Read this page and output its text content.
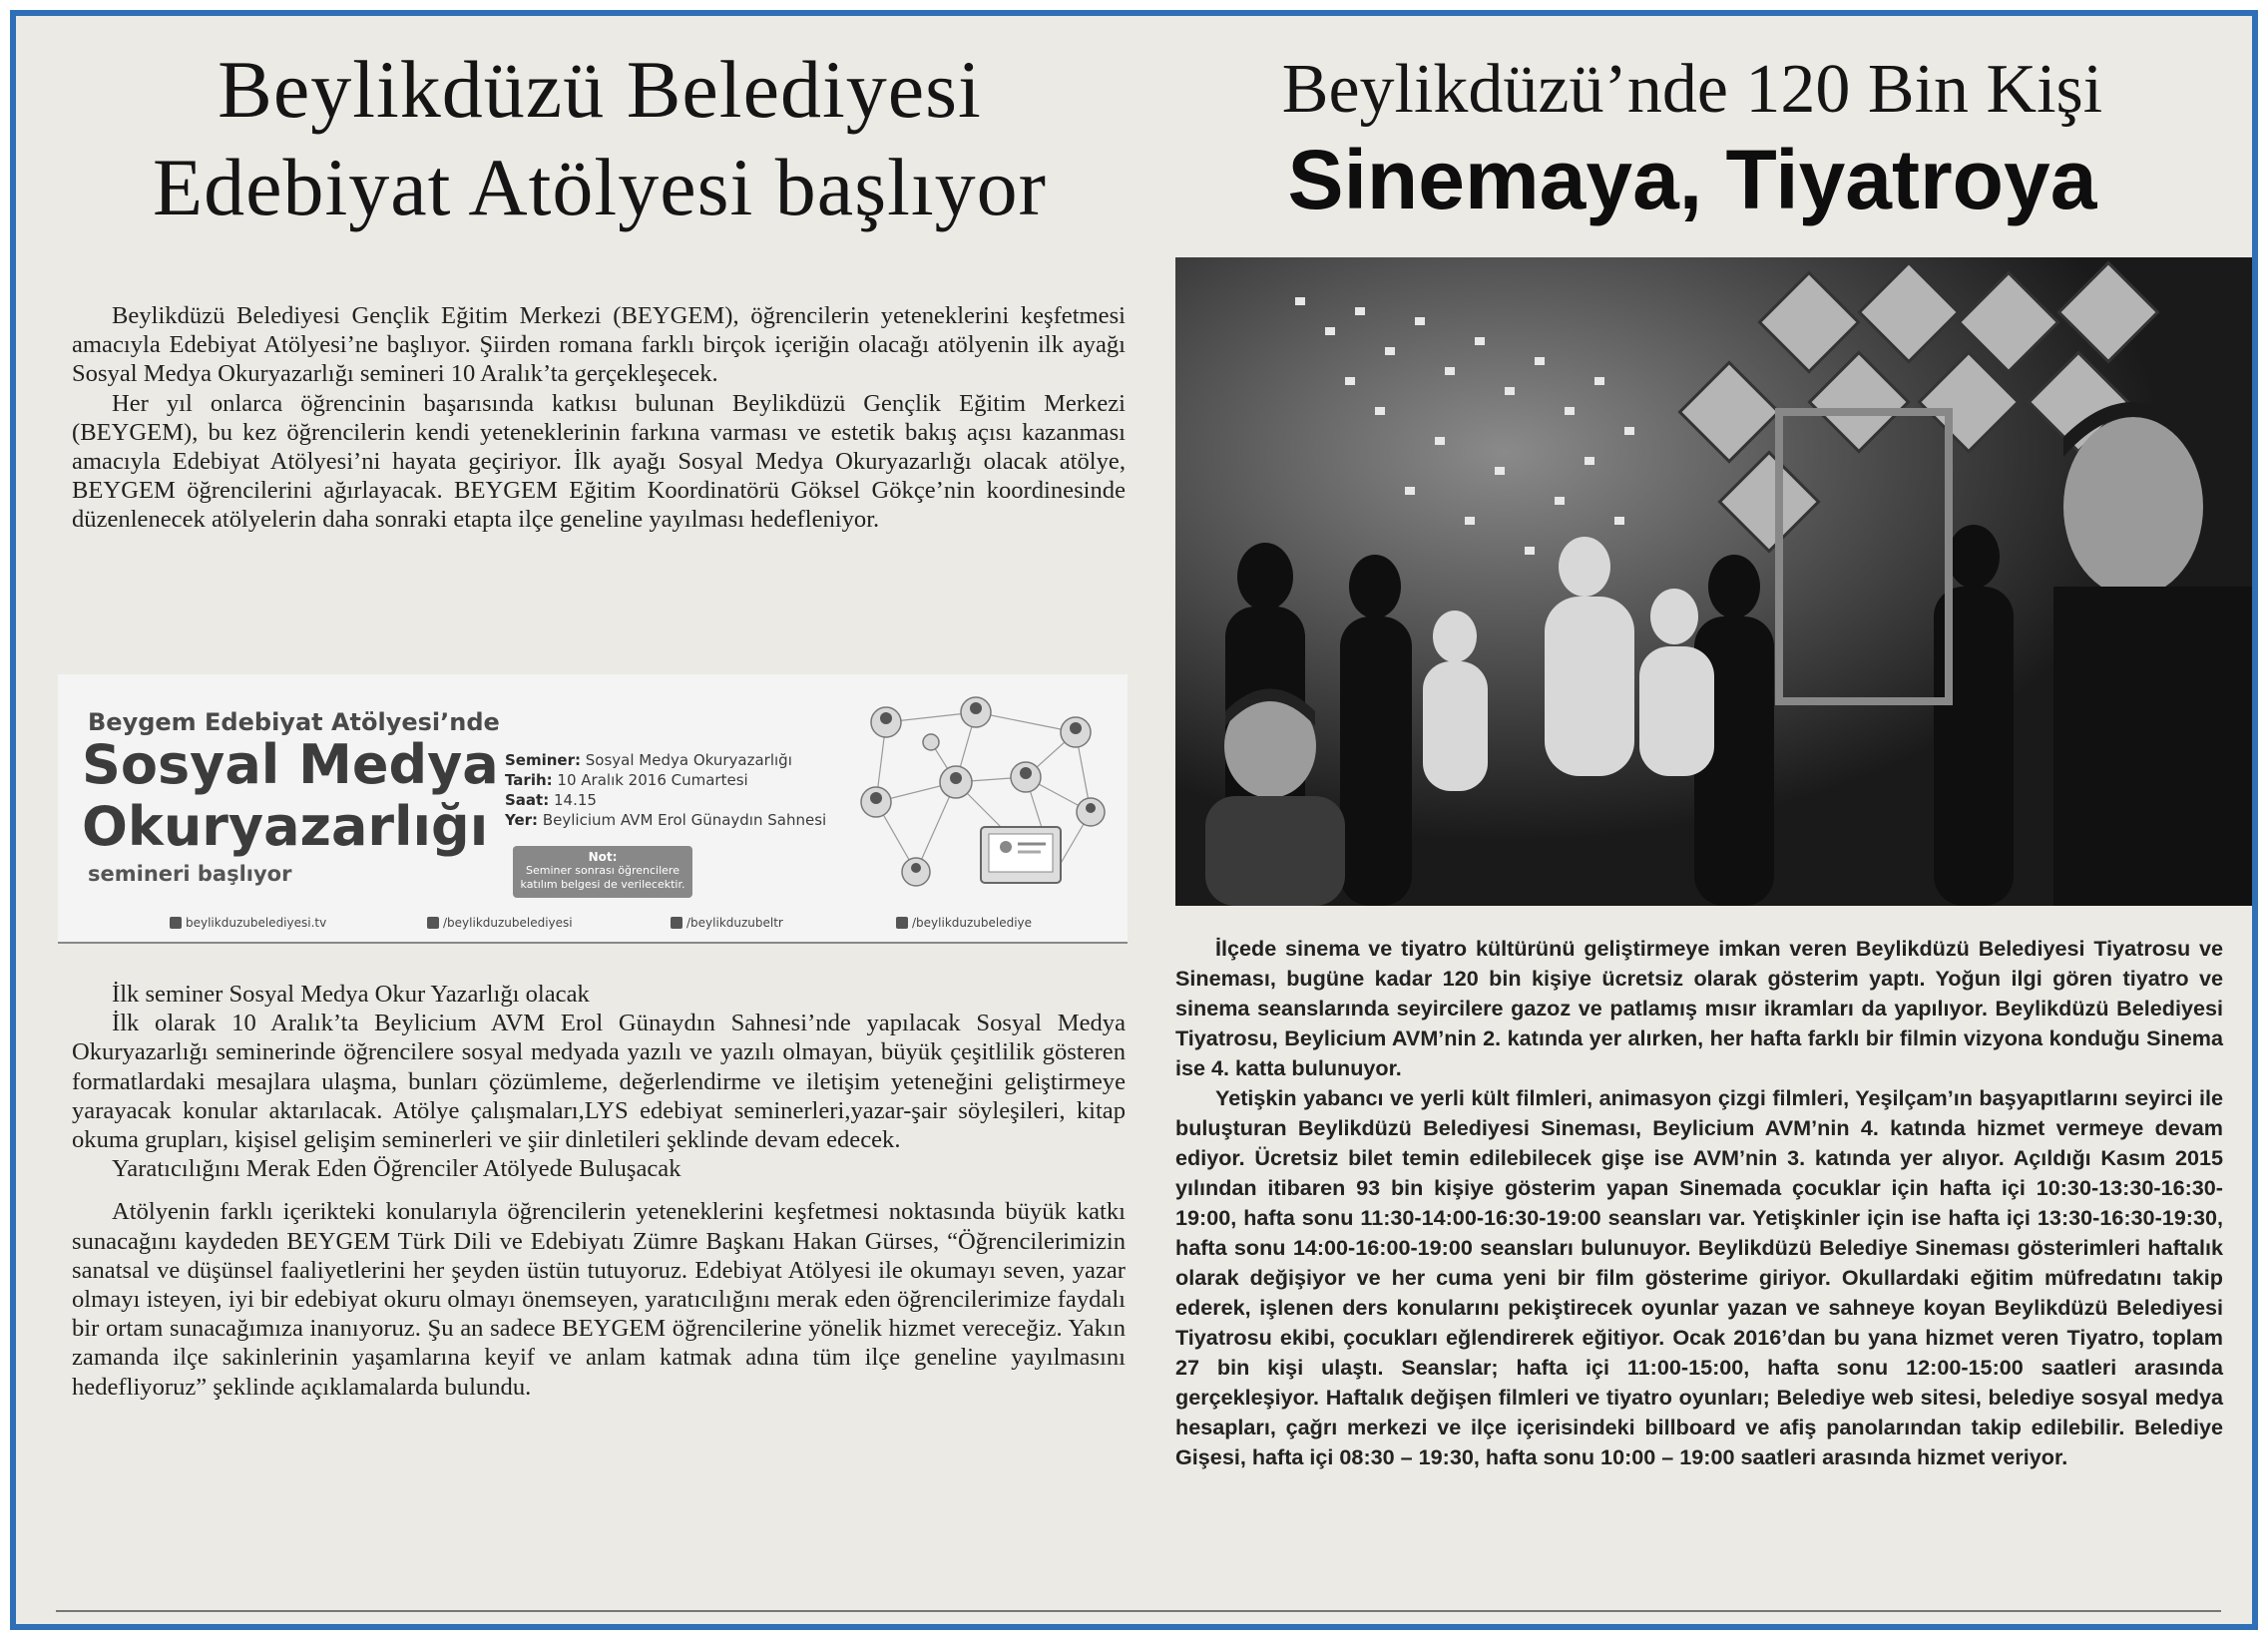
Beylikdüzü Belediyesi
Edebiyat Atölyesi başlıyor
Beylikdüzü’nde 120 Bin Kişi
Sinemaya, Tiyatroya

Beylikdüzü Belediyesi Gençlik Eğitim Merkezi (BEYGEM), öğrencilerin yeteneklerini keşfetmesi amacıyla Edebiyat Atölyesi’ne başlıyor. Şiirden romana farklı birçok içeriğin olacağı atölyenin ilk ayağı Sosyal Medya Okuryazarlığı semineri 10 Aralık’ta gerçekleşecek.

Her yıl onlarca öğrencinin başarısında katkısı bulunan Beylikdüzü Gençlik Eğitim Merkezi (BEYGEM), bu kez öğrencilerin kendi yeteneklerinin farkına varması ve estetik bakış açısı kazanması amacıyla Edebiyat Atölyesi’ni hayata geçiriyor. İlk ayağı Sosyal Medya Okuryazarlığı olacak atölye, BEYGEM öğrencilerini ağırlayacak. BEYGEM Eğitim Koordinatörü Göksel Gökçe’nin koordinesinde düzenlenecek atölyelerin daha sonraki etapta ilçe geneline yayılması hedefleniyor.

Beygem Edebiyat Atölyesi’nde
Sosyal Medya
Okuryazarlığı
semineri başlıyor
Seminer: Sosyal Medya Okuryazarlığı
Tarih: 10 Aralık 2016 Cumartesi
Saat: 14.15
Yer: Beylicium AVM Erol Günaydın Sahnesi
Not:
Seminer sonrası öğrencilere katılım belgesi de verilecektir.
beylikduzubelediyesi.tv	/beylikduzubelediyesi	/beylikduzubeltr	/beylikduzubelediye

İlk seminer Sosyal Medya Okur Yazarlığı olacak

İlk olarak 10 Aralık’ta Beylicium AVM Erol Günaydın Sahnesi’nde yapılacak Sosyal Medya Okuryazarlığı seminerinde öğrencilere sosyal medyada yazılı ve yazılı olmayan, büyük çeşitlilik gösteren formatlardaki mesajlara ulaşma, bunları çözümleme, değerlendirme ve iletişim yeteneğini geliştirmeye yarayacak konular aktarılacak. Atölye çalışmaları,LYS edebiyat seminerleri,yazar-şair söyleşileri, kitap okuma grupları, kişisel gelişim seminerleri ve şiir dinletileri şeklinde devam edecek.

Yaratıcılığını Merak Eden Öğrenciler Atölyede Buluşacak

Atölyenin farklı içerikteki konularıyla öğrencilerin yeteneklerini keşfetmesi noktasında büyük katkı sunacağını kaydeden BEYGEM Türk Dili ve Edebiyatı Zümre Başkanı Hakan Gürses, “Öğrencilerimizin sanatsal ve düşünsel faaliyetlerini her şeyden üstün tutuyoruz. Edebiyat Atölyesi ile okumayı seven, yazar olmayı isteyen, iyi bir edebiyat okuru olmayı önemseyen, yaratıcılığını merak eden öğrencilerimize faydalı bir ortam sunacağımıza inanıyoruz. Şu an sadece BEYGEM öğrencilerine yönelik hizmet vereceğiz. Yakın zamanda ilçe sakinlerinin yaşamlarına keyif ve anlam katmak adına tüm ilçe geneline yayılmasını hedefliyoruz” şeklinde açıklamalarda bulundu.

İlçede sinema ve tiyatro kültürünü geliştirmeye imkan veren Beylikdüzü Belediyesi Tiyatrosu ve Sineması, bugüne kadar 120 bin kişiye ücretsiz olarak gösterim yaptı. Yoğun ilgi gören tiyatro ve sinema seanslarında seyircilere gazoz ve patlamış mısır ikramları da yapılıyor. Beylikdüzü Belediyesi Tiyatrosu, Beylicium AVM’nin 2. katında yer alırken, her hafta farklı bir filmin vizyona konduğu Sinema ise 4. katta bulunuyor.

Yetişkin yabancı ve yerli kült filmleri, animasyon çizgi filmleri, Yeşilçam’ın başyapıtlarını seyirci ile buluşturan Beylikdüzü Belediyesi Sineması, Beylicium AVM’nin 4. katında hizmet vermeye devam ediyor. Ücretsiz bilet temin edilebilecek gişe ise AVM’nin 3. katında yer alıyor. Açıldığı Kasım 2015 yılından itibaren 93 bin kişiye gösterim yapan Sinemada çocuklar için hafta içi 10:30-13:30-16:30-19:00, hafta sonu 11:30-14:00-16:30-19:00 seansları var. Yetişkinler için ise hafta içi 13:30-16:30-19:30, hafta sonu 14:00-16:00-19:00 seansları bulunuyor. Beylikdüzü Belediye Sineması gösterimleri haftalık olarak değişiyor ve her cuma yeni bir film gösterime giriyor. Okullardaki eğitim müfredatını takip ederek, işlenen ders konularını pekiştirecek oyunlar yazan ve sahneye koyan Beylikdüzü Belediyesi Tiyatrosu ekibi, çocukları eğlendirerek eğitiyor. Ocak 2016’dan bu yana hizmet veren Tiyatro, toplam 27 bin kişi ulaştı. Seanslar; hafta içi 11:00-15:00, hafta sonu 12:00-15:00 saatleri arasında gerçekleşiyor. Haftalık değişen filmleri ve tiyatro oyunları; Belediye web sitesi, belediye sosyal medya hesapları, çağrı merkezi ve ilçe içerisindeki billboard ve afiş panolarından takip edilebilir. Belediye Gişesi, hafta içi 08:30 – 19:30, hafta sonu 10:00 – 19:00 saatleri arasında hizmet veriyor.
